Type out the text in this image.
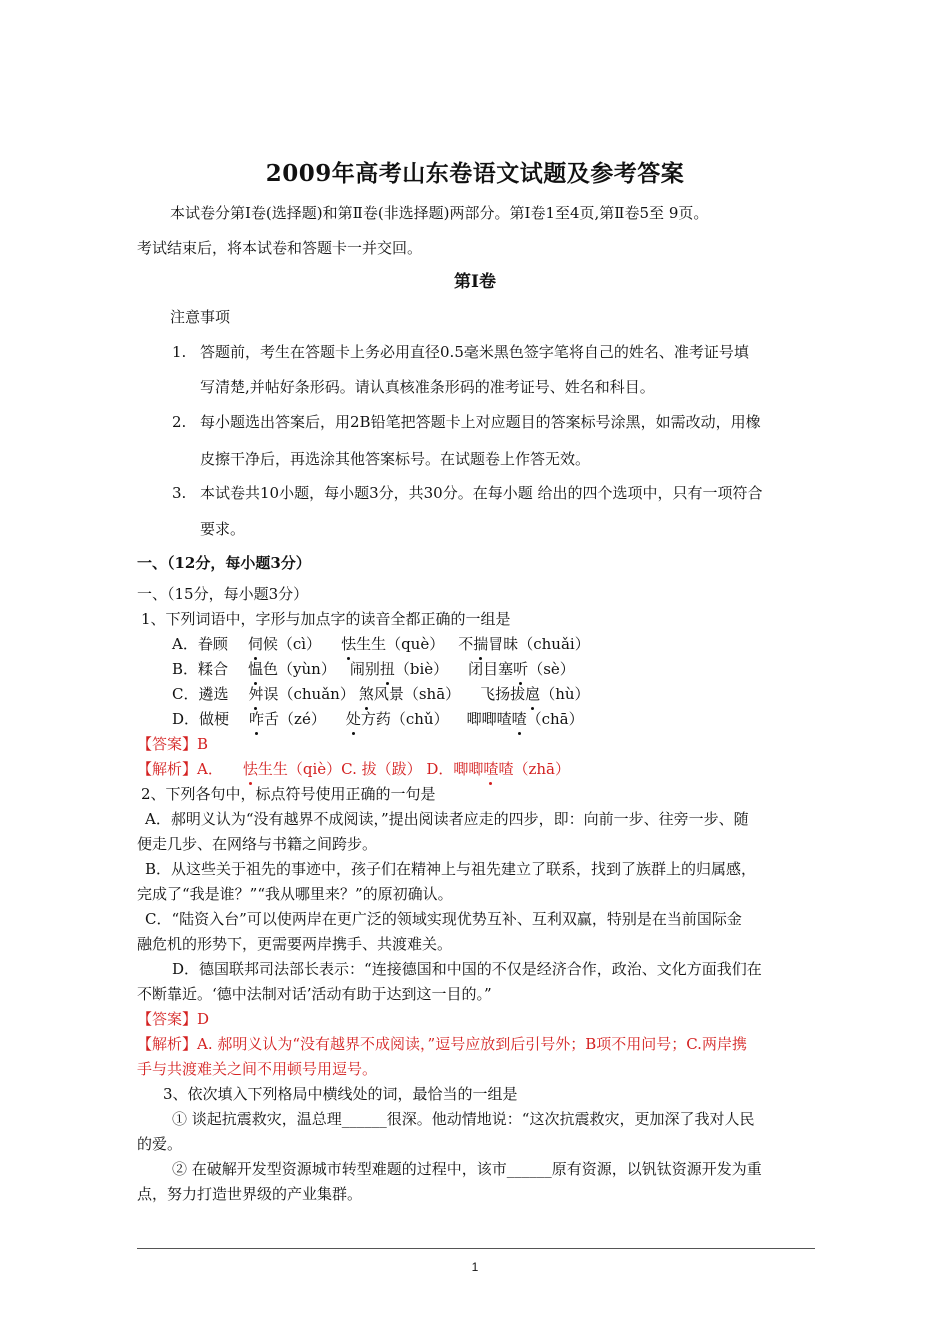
2009年高考山东卷语文试题及参考答案
本试卷分第Ⅰ卷(选择题)和第Ⅱ卷(非选择题)两部分。第Ⅰ卷1至4页,第Ⅱ卷5至 9页。
考试结束后，将本试卷和答题卡一并交回。
第Ⅰ卷
注意事项
1. 答题前，考生在答题卡上务必用直径0.5毫米黑色签字笔将自己的姓名、准考证号填
写清楚,并帖好条形码。请认真核准条形码的准考证号、姓名和科目。
2. 每小题选出答案后，用2B铅笔把答题卡上对应题目的答案标号涂黑，如需改动，用橡
皮擦干净后，再选涂其他答案标号。在试题卷上作答无效。
3. 本试卷共10小题，每小题3分，共30分。在每小题 给出的四个选项中，只有一项符合
要求。
一、（12分，每小题3分）
一、（15分，每小题3分）
1、下列词语中，字形与加点字的读音全都正确的一组是
A．眷顾 伺候（cì） 怯生生（què） 不揣冒昧（chuǎi）
B．糅合 愠色（yùn） 闹别扭（biè） 闭目塞听（sè）
C．遴选 舛误（chuǎn） 煞风景（shā） 飞扬拔扈（hù）
D．做梗 咋舌（zé） 处方药（chǔ） 唧唧喳喳（chā）
【答案】B
【解析】A． 怯生生（qiè）C. 拔（跋） D．唧唧喳喳（zhā）
2、下列各句中，标点符号使用正确的一句是
A．郝明义认为“没有越界不成阅读，”提出阅读者应走的四步，即：向前一步、往旁一步、随
便走几步、在网络与书籍之间跨步。
B．从这些关于祖先的事迹中，孩子们在精神上与祖先建立了联系，找到了族群上的归属感，
完成了“我是谁？”“我从哪里来？”的原初确认。
C．“陆资入台”可以使两岸在更广泛的领域实现优势互补、互利双赢，特别是在当前国际金
融危机的形势下，更需要两岸携手、共渡难关。
D．德国联邦司法部长表示：“连接德国和中国的不仅是经济合作，政治、文化方面我们在
不断靠近。‘德中法制对话’活动有助于达到这一目的。”
【答案】D
【解析】A. 郝明义认为“没有越界不成阅读，”逗号应放到后引号外；B项不用问号；C.两岸携
手与共渡难关之间不用顿号用逗号。
3、依次填入下列格局中横线处的词，最恰当的一组是
① 谈起抗震救灾，温总理______很深。他动情地说：“这次抗震救灾，更加深了我对人民
的爱。
② 在破解开发型资源城市转型难题的过程中，该市______原有资源，以钒钛资源开发为重
点，努力打造世界级的产业集群。
1
